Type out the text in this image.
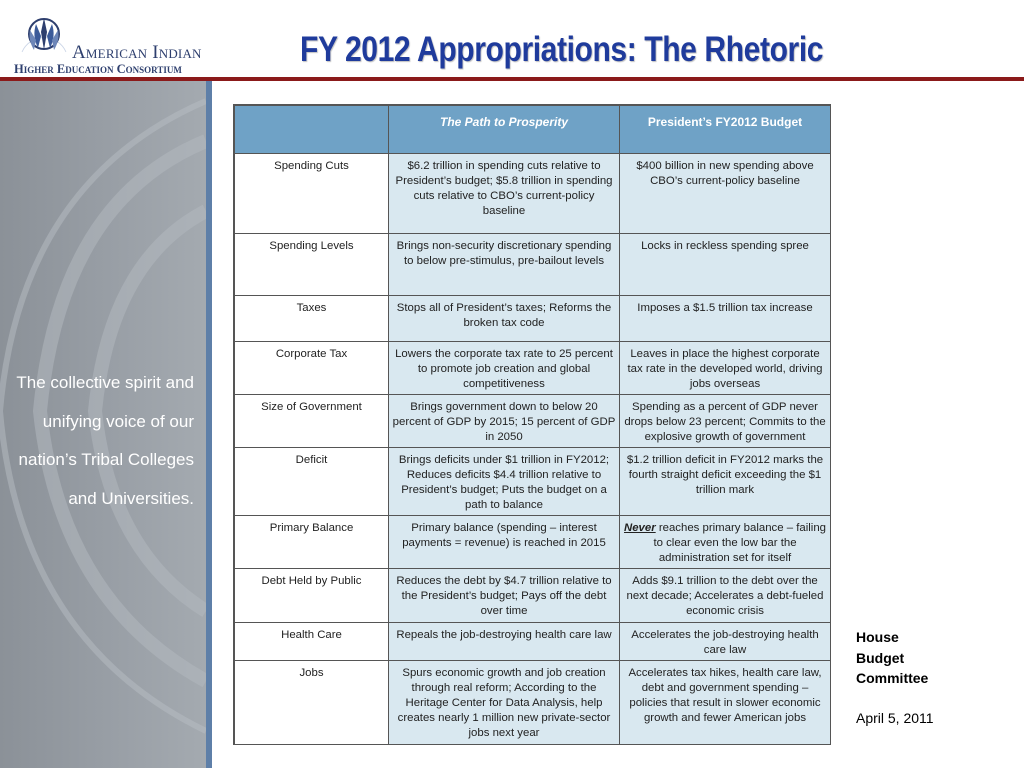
American Indian
Higher Education Consortium	FY 2012 Appropriations: The Rhetoric
The collective spirit and unifying voice of our nation’s Tribal Colleges and Universities.
	The Path to Prosperity	President’s FY2012 Budget
Spending Cuts	$6.2 trillion in spending cuts relative to President’s budget; $5.8 trillion in spending cuts relative to CBO’s current-policy baseline	$400 billion in new spending above CBO’s current-policy baseline
Spending Levels	Brings non-security discretionary spending to below pre-stimulus, pre-bailout levels	Locks in reckless spending spree
Taxes	Stops all of President’s taxes; Reforms the broken tax code	Imposes a $1.5 trillion tax increase
Corporate Tax	Lowers the corporate tax rate to 25 percent to promote job creation and global competitiveness	Leaves in place the highest corporate tax rate in the developed world, driving jobs overseas
Size of Government	Brings government down to below 20 percent of GDP by 2015; 15 percent of GDP in 2050	Spending as a percent of GDP never drops below 23 percent; Commits to the explosive growth of government
Deficit	Brings deficits under $1 trillion in FY2012; Reduces deficits $4.4 trillion relative to President’s budget; Puts the budget on a path to balance	$1.2 trillion deficit in FY2012 marks the fourth straight deficit exceeding the $1 trillion mark
Primary Balance	Primary balance (spending – interest payments = revenue) is reached in 2015	Never reaches primary balance – failing to clear even the low bar the administration set for itself
Debt Held by Public	Reduces the debt by $4.7 trillion relative to the President’s budget; Pays off the debt over time	Adds $9.1 trillion to the debt over the next decade; Accelerates a debt-fueled economic crisis
Health Care	Repeals the job-destroying health care law	Accelerates the job-destroying health care law
Jobs	Spurs economic growth and job creation through real reform; According to the Heritage Center for Data Analysis, help creates nearly 1 million new private-sector jobs next year	Accelerates tax hikes, health care law, debt and government spending – policies that result in slower economic growth and fewer American jobs
House
Budget
Committee
April 5, 2011
